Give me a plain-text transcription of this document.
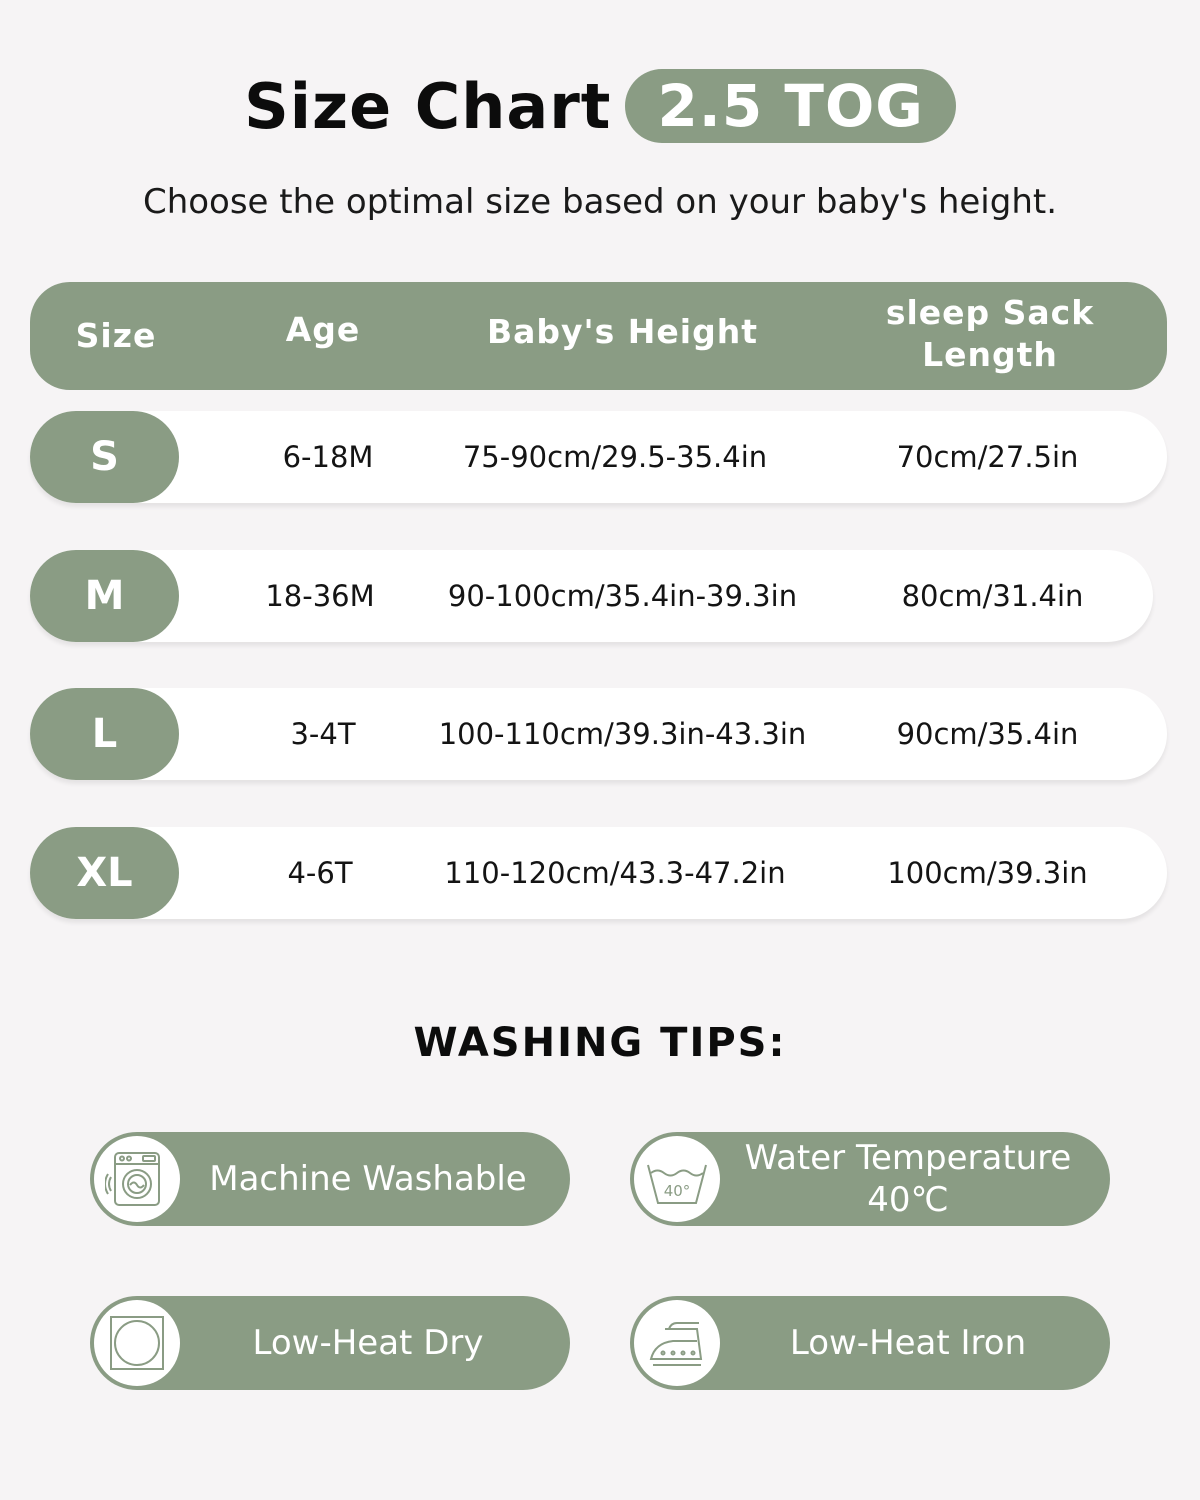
Size Chart 2.5 TOG
Choose the optimal size based on your baby's height.
Size	Age	Baby's Height	sleep Sack
Length
S	6-18M	75-90cm/29.5-35.4in	70cm/27.5in
M	18-36M	90-100cm/35.4in-39.3in	80cm/31.4in
L	3-4T	100-110cm/39.3in-43.3in	90cm/35.4in
XL	4-6T	110-120cm/43.3-47.2in	100cm/39.3in
WASHING TIPS:
Machine Washable	40°
Water Temperature
40℃
Low-Heat Dry	Low-Heat Iron
